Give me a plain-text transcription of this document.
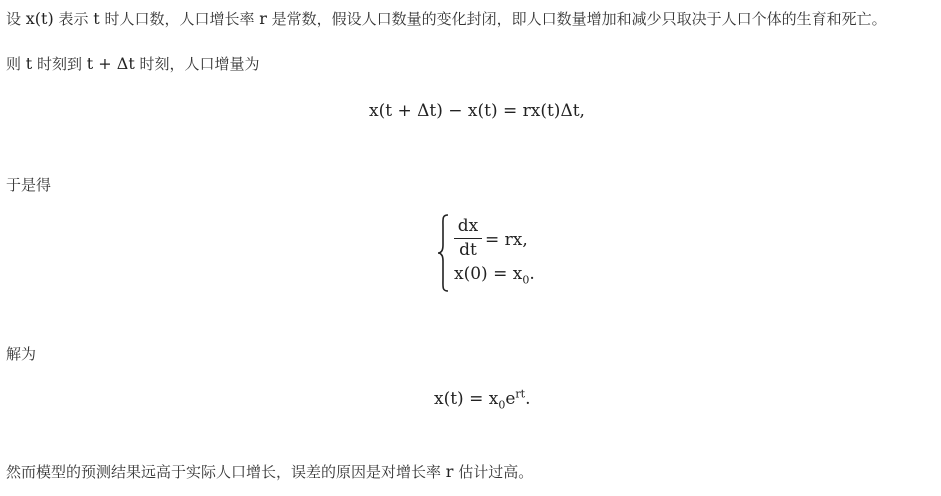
设 x(t) 表示 t 时人口数，人口增长率 r 是常数，假设人口数量的变化封闭，即人口数量增加和减少只取决于人口个体的生育和死亡。
则 t 时刻到 t + Δt 时刻，人口增量为
x(t + Δt) − x(t) = rx(t)Δt,
于是得
dx
dt = rx,
$x(0) = x_0$.
解为
$x(t) = x_0e^{rt}$.
然而模型的预测结果远高于实际人口增长，误差的原因是对增长率 r 估计过高。
